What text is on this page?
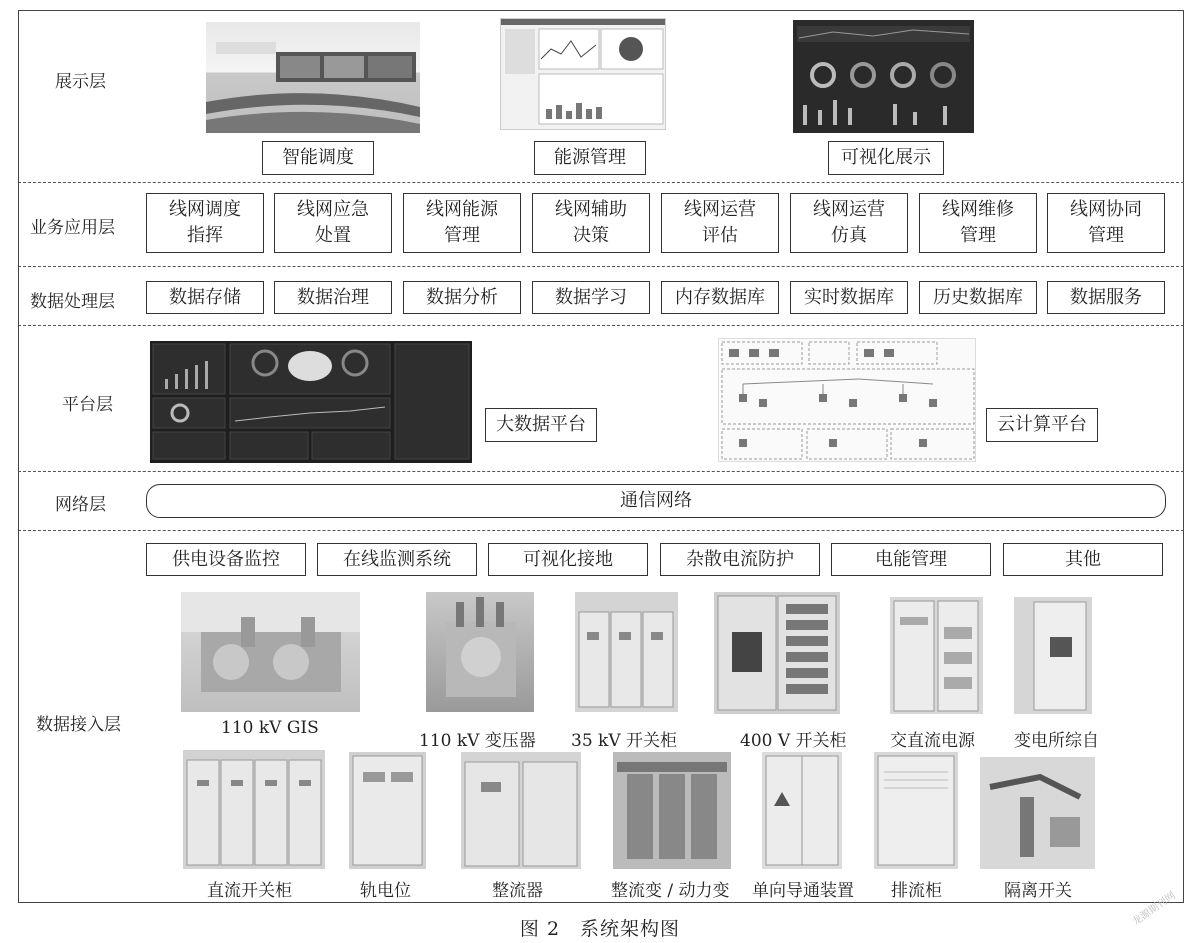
展示层
业务应用层
数据处理层
平台层
网络层
数据接入层
智能调度	能源管理	可视化展示
线网调度
指挥
线网应急
处置
线网能源
管理
线网辅助
决策
线网运营
评估
线网运营
仿真
线网维修
管理
线网协同
管理
数据存储	数据治理	数据分析	数据学习	内存数据库	实时数据库	历史数据库	数据服务
大数据平台	云计算平台
通信网络
供电设备监控	在线监测系统	可视化接地	杂散电流防护	电能管理	其他
110 kV GIS
110 kV 变压器 35 kV 开关柜	400 V 开关柜	交直流电源 变电所综自
直流开关柜	轨电位	整流器	整流变 / 动力变 单向导通装置 排流柜	隔离开关
图 2　系统架构图
龙源期刊网
